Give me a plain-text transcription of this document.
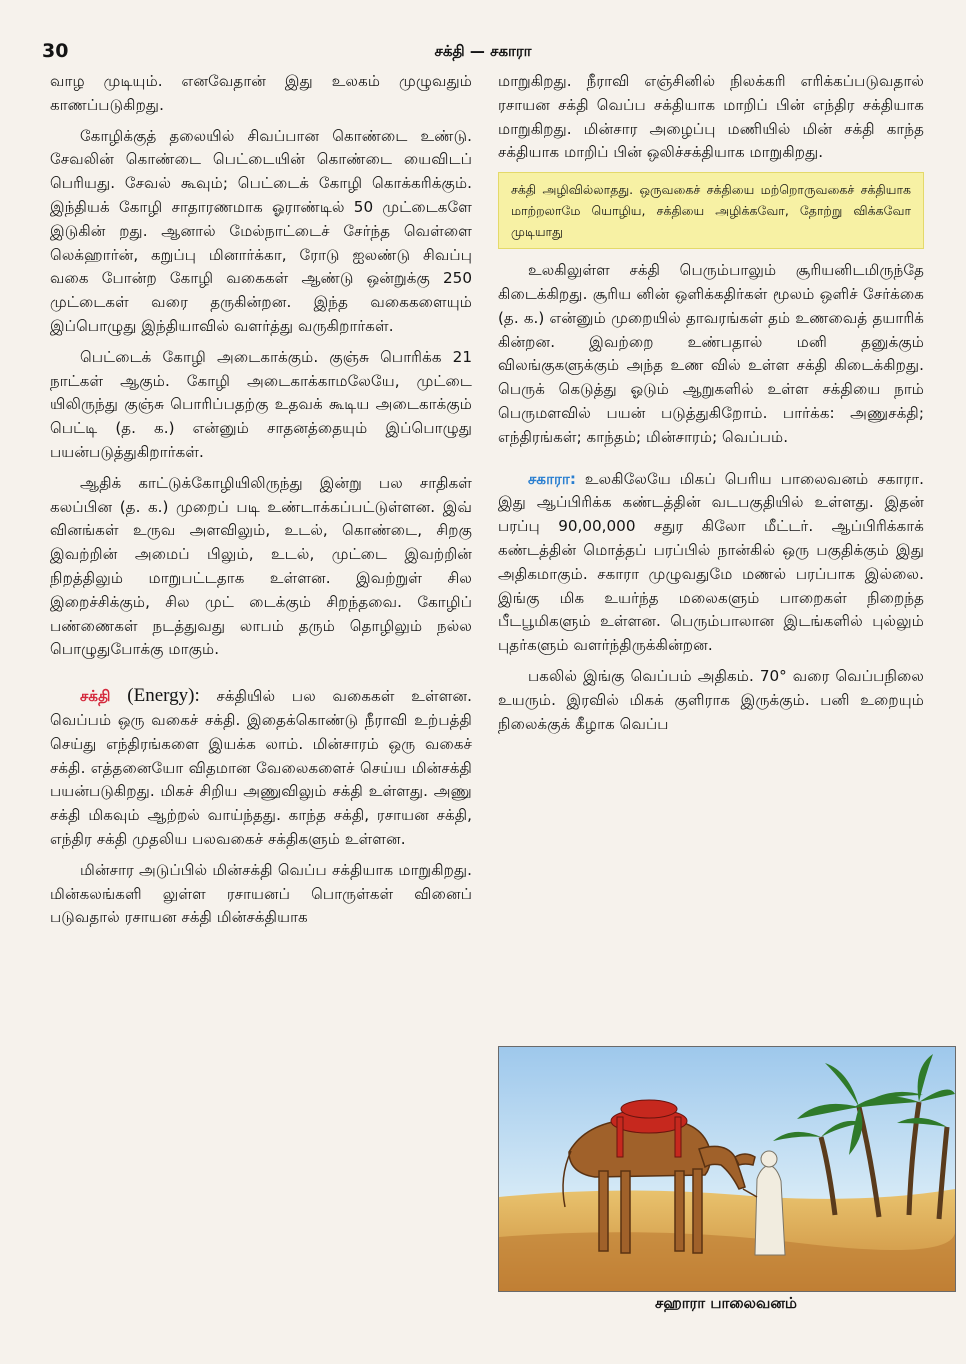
30	சக்தி — சகாரா

வாழ முடியும். எனவேதான் இது உலகம் முழுவதும் காணப்படுகிறது.

கோழிக்குத் தலையில் சிவப்பான கொண்டை உண்டு. சேவலின் கொண்டை பெட்டையின் கொண்டை யைவிடப் பெரியது. சேவல் கூவும்; பெட்டைக் கோழி கொக்கரிக்கும். இந்தியக் கோழி சாதாரணமாக ஓராண்டில் 50 முட்டைகளே இடுகின் றது. ஆனால் மேல்நாட்டைச் சேர்ந்த வெள்ளை லெக்ஹார்ன், கறுப்பு மினார்க்கா, ரோடு ஐலண்டு சிவப்பு வகை போன்ற கோழி வகைகள் ஆண்டு ஒன்றுக்கு 250 முட்டைகள் வரை தருகின்றன. இந்த வகைகளையும் இப்பொழுது இந்தியாவில் வளர்த்து வருகிறார்கள்.

பெட்டைக் கோழி அடைகாக்கும். குஞ்சு பொரிக்க 21 நாட்கள் ஆகும். கோழி அடைகாக்காமலேயே, முட்டை யிலிருந்து குஞ்சு பொரிப்பதற்கு உதவக் கூடிய அடைகாக்கும் பெட்டி (த. க.) என்னும் சாதனத்தையும் இப்பொழுது பயன்படுத்துகிறார்கள்.

ஆதிக் காட்டுக்கோழியிலிருந்து இன்று பல சாதிகள் கலப்பின (த. க.) முறைப் படி உண்டாக்கப்பட்டுள்ளன. இவ் வினங்கள் உருவ அளவிலும், உடல், கொண்டை, சிறகு இவற்றின் அமைப் பிலும், உடல், முட்டை இவற்றின் நிறத்திலும் மாறுபட்டதாக உள்ளன. இவற்றுள் சில இறைச்சிக்கும், சில முட் டைக்கும் சிறந்தவை. கோழிப் பண்ணைகள் நடத்துவது லாபம் தரும் தொழிலும் நல்ல பொழுதுபோக்கு மாகும்.

சக்தி (Energy): சக்தியில் பல வகைகள் உள்ளன. வெப்பம் ஒரு வகைச் சக்தி. இதைக்கொண்டு நீராவி உற்பத்தி செய்து எந்திரங்களை இயக்க லாம். மின்சாரம் ஒரு வகைச் சக்தி. எத்தனையோ விதமான வேலைகளைச் செய்ய மின்சக்தி பயன்படுகிறது. மிகச் சிறிய அணுவிலும் சக்தி உள்ளது. அணு சக்தி மிகவும் ஆற்றல் வாய்ந்தது. காந்த சக்தி, ரசாயன சக்தி, எந்திர சக்தி முதலிய பலவகைச் சக்திகளும் உள்ளன.

மின்சார அடுப்பில் மின்சக்தி வெப்ப சக்தியாக மாறுகிறது. மின்கலங்களி லுள்ள ரசாயனப் பொருள்கள் வினைப் படுவதால் ரசாயன சக்தி மின்சக்தியாக

மாறுகிறது. நீராவி எஞ்சினில் நிலக்கரி எரிக்கப்படுவதால் ரசாயன சக்தி வெப்ப சக்தியாக மாறிப் பின் எந்திர சக்தியாக மாறுகிறது. மின்சார அழைப்பு மணியில் மின் சக்தி காந்த சக்தியாக மாறிப் பின் ஒலிச்சக்தியாக மாறுகிறது.

சக்தி அழிவில்லாதது. ஒருவகைச் சக்தியை மற்றொருவகைச் சக்தியாக மாற்றலாமே யொழிய, சக்தியை அழிக்கவோ, தோற்று விக்கவோ முடியாது

உலகிலுள்ள சக்தி பெரும்பாலும் சூரியனிடமிருந்தே கிடைக்கிறது. சூரிய னின் ஒளிக்கதிர்கள் மூலம் ஒளிச் சேர்க்கை (த. க.) என்னும் முறையில் தாவரங்கள் தம் உணவைத் தயாரிக் கின்றன. இவற்றை உண்பதால் மனி தனுக்கும் விலங்குகளுக்கும் அந்த உண வில் உள்ள சக்தி கிடைக்கிறது. பெருக் கெடுத்து ஓடும் ஆறுகளில் உள்ள சக்தியை நாம் பெருமளவில் பயன் படுத்துகிறோம். பார்க்க: அணுசக்தி; எந்திரங்கள்; காந்தம்; மின்சாரம்; வெப்பம்.

சகாரா: உலகிலேயே மிகப் பெரிய பாலைவனம் சகாரா. இது ஆப்பிரிக்க கண்டத்தின் வடபகுதியில் உள்ளது. இதன் பரப்பு 90,00,000 சதுர கிலோ மீட்டர். ஆப்பிரிக்காக் கண்டத்தின் மொத்தப் பரப்பில் நான்கில் ஒரு பகுதிக்கும் இது அதிகமாகும். சகாரா முழுவதுமே மணல் பரப்பாக இல்லை. இங்கு மிக உயர்ந்த மலைகளும் பாறைகள் நிறைந்த பீடபூமிகளும் உள்ளன. பெரும்பாலான இடங்களில் புல்லும் புதர்களும் வளர்ந்திருக்கின்றன.

பகலில் இங்கு வெப்பம் அதிகம். 70° வரை வெப்பநிலை உயரும். இரவில் மிகக் குளிராக இருக்கும். பனி உறையும் நிலைக்குக் கீழாக வெப்ப

சஹாரா பாலைவனம்
